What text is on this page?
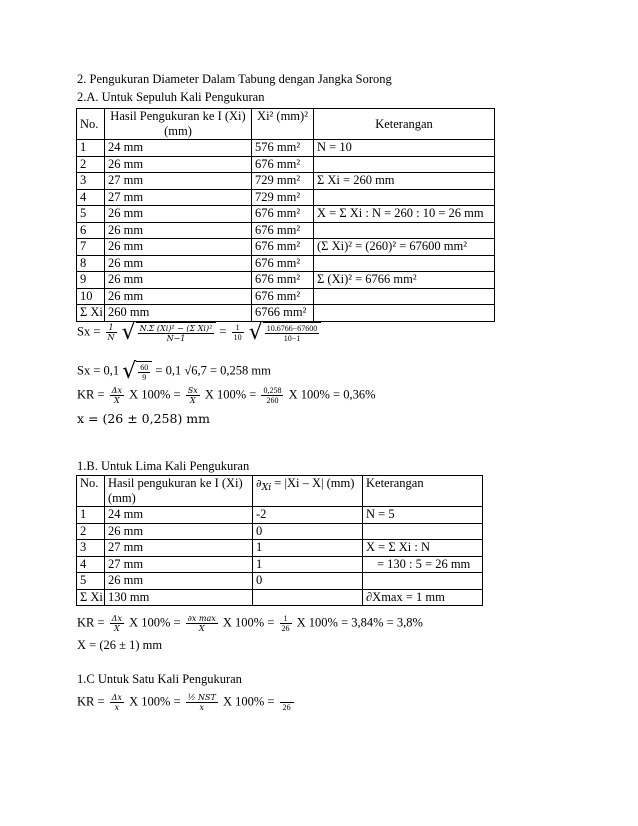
2. Pengukuran Diameter Dalam Tabung dengan Jangka Sorong
2.A. Untuk Sepuluh Kali Pengukuran
No.	Hasil Pengukuran ke I (Xi) (mm)	Xi² (mm)²	Keterangan
1	24 mm	576 mm²	N = 10
2	26 mm	676 mm²	
3	27 mm	729 mm²	Σ Xi = 260 mm
4	27 mm	729 mm²	
5	26 mm	676 mm²	X = Σ Xi : N = 260 : 10 = 26 mm
6	26 mm	676 mm²	
7	26 mm	676 mm²	(Σ Xi)² = (260)² = 67600 mm²
8	26 mm	676 mm²	
9	26 mm	676 mm²	Σ (Xi)² = 6766 mm²
10	26 mm	676 mm²	
Σ Xi	260 mm	6766 mm²	
$Sx = \frac{1}{N}$ √ $\frac{\text{N.Σ (Xi)² − (Σ Xi)²}}{N-1} = \frac{1}{10}$ √ $\frac{10.6766-67600}{10-1}$
Sx = 0,1 √ $\frac{60}{9} = 0,1$ √6,7 = 0,258 mm
KR = $\frac{\Delta x}{X}$ X $100\% = \frac{Sx}{X}$ X $100\% = \frac{0,258}{260}$ X 100% = 0,36%
x = (26 ± 0,258) mm
1.B. Untuk Lima Kali Pengukuran
No.	Hasil pengukuran ke I (Xi) (mm)	$\partial_{Xi} = |Xi - X|$ (mm)	Keterangan
1	24 mm	-2	N = 5
2	26 mm	0	
3	27 mm	1	X = Σ Xi : N
4	27 mm	1	= 130 : 5 = 26 mm
5	26 mm	0	
Σ Xi	130 mm		∂Xmax = 1 mm
KR = $\frac{\Delta x}{X}$ X $100\% = \frac{\text{∂x max}}{X}$ X $100\% = \frac{1}{26}$ X 100% = 3,84% = 3,8%
X = (26 ± 1) mm
1.C Untuk Satu Kali Pengukuran
KR = $\frac{\Delta x}{x}$ X $100\% = \frac{\text{½ NST}}{x}$ X 100% =	26
